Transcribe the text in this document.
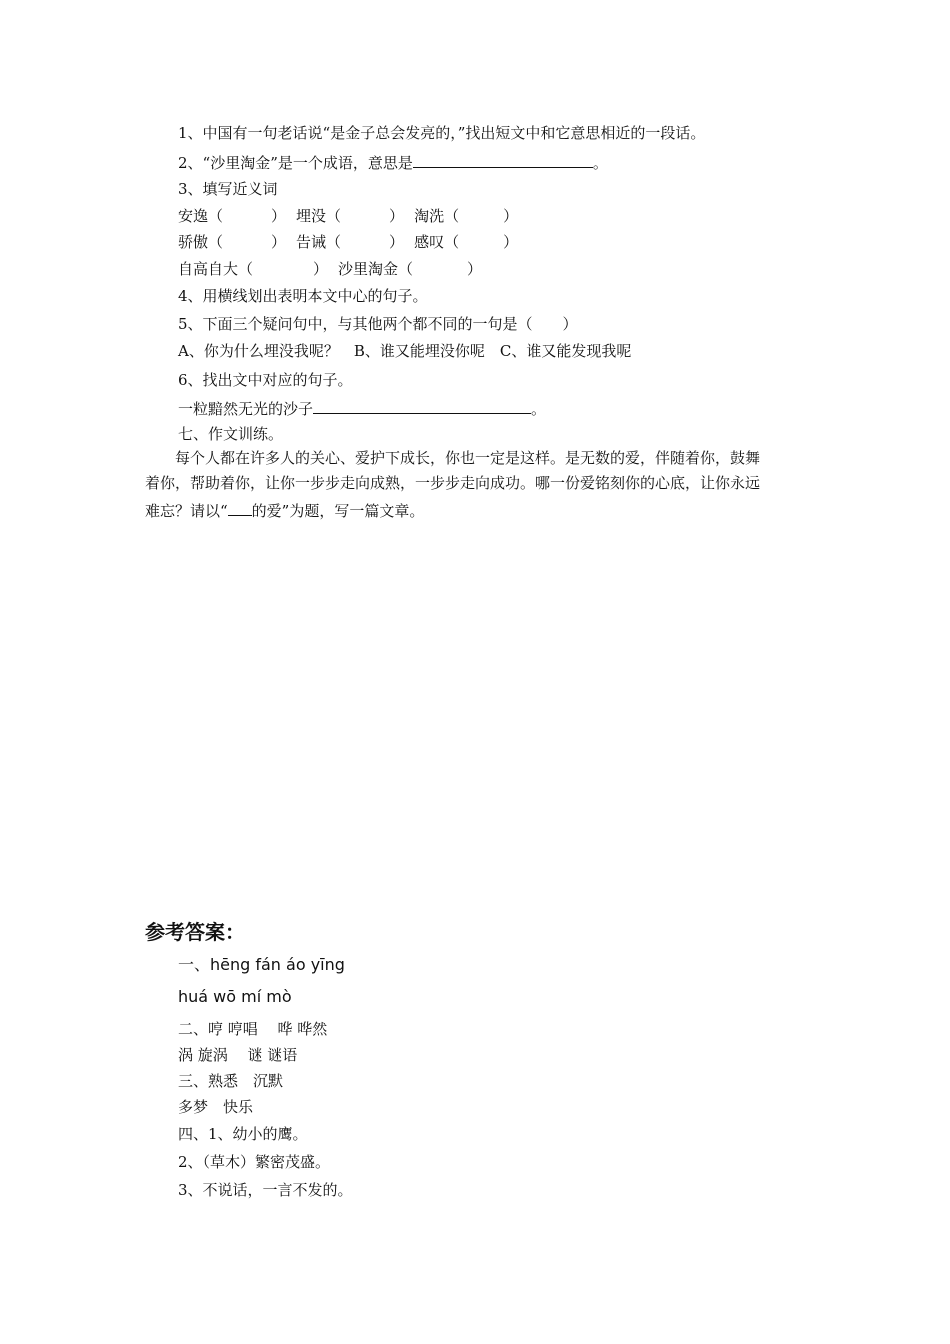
1、中国有一句老话说“是金子总会发亮的，”找出短文中和它意思相近的一段话。
2、“沙里淘金”是一个成语，意思是	。
3、填写近义词
安逸（	） 埋没（	） 淘洗（	）
骄傲（	） 告诫（	） 感叹（	）
自高自大（	） 沙里淘金（	）
4、用横线划出表明本文中心的句子。
5、下面三个疑问句中，与其他两个都不同的一句是（　　）
A、你为什么埋没我呢？　B、谁又能埋没你呢　C、谁又能发现我呢
6、找出文中对应的句子。
一粒黯然无光的沙子	。
七、作文训练。
　　每个人都在许多人的关心、爱护下成长，你也一定是这样。是无数的爱，伴随着你，鼓舞
着你，帮助着你，让你一步步走向成熟，一步步走向成功。哪一份爱铭刻你的心底，让你永远
难忘？请以“ 的爱”为题，写一篇文章。
参考答案：
一、hēng fán áo yīng
huá wō mí mò
二、哼 哼唱　 哗 哗然
涡 旋涡　 谜 谜语
三、熟悉　沉默
多梦　快乐
四、1、幼小的鹰。
2、（草木）繁密茂盛。
3、不说话，一言不发的。
